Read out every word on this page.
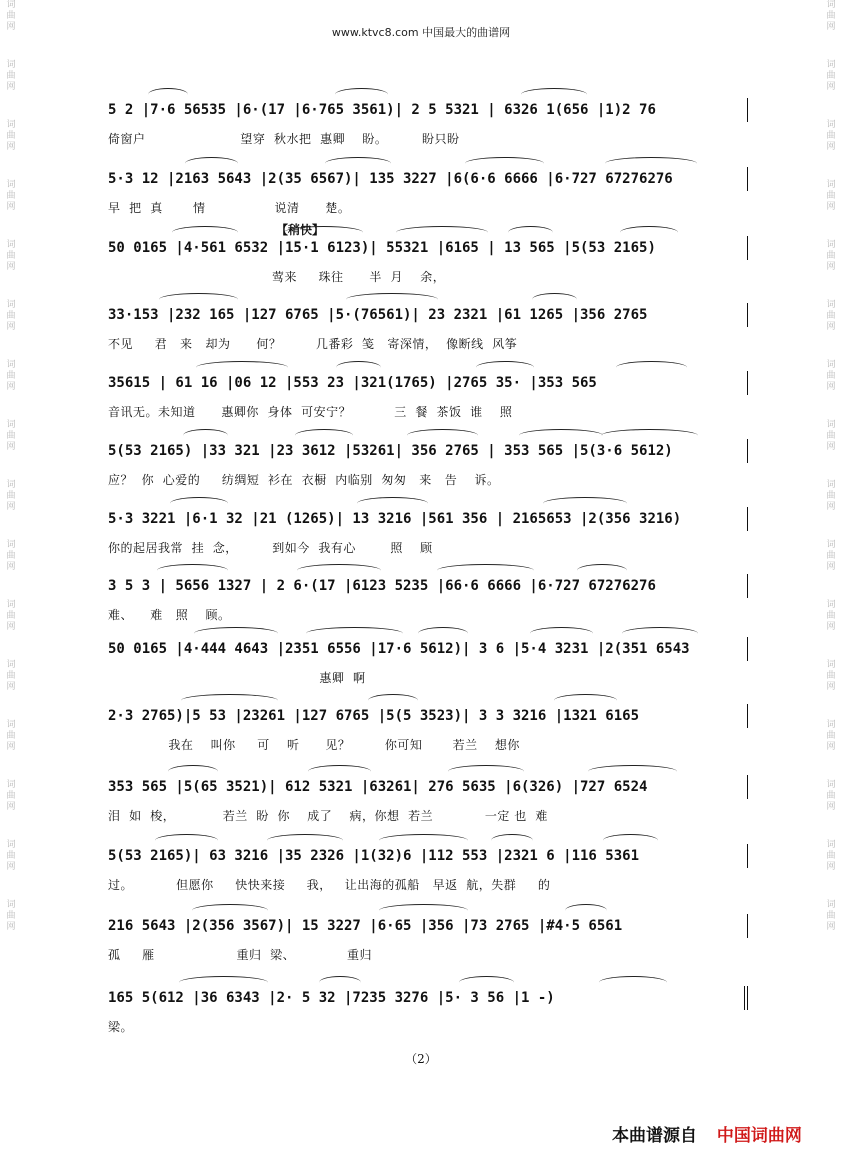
词
曲
网
词
曲
网
词
曲
网
词
曲
网
词
曲
网
词
曲
网
词
曲
网
词
曲
网
词
曲
网
词
曲
网
词
曲
网
词
曲
网
词
曲
网
词
曲
网
词
曲
网
词
曲
网
词
曲
网
词
曲
网
词
曲
网
词
曲
网
词
曲
网
词
曲
网
词
曲
网
词
曲
网
词
曲
网
词
曲
网
词
曲
网
词
曲
网
词
曲
网
词
曲
网
词
曲
网
词
曲
网
www.ktvc8.com 中国最大的曲谱网
【稍快】
5 2 |7·6 56535 |6·(17 |6·765 3561)| 2 5 5321 | 6326 1(656 |1)2 76
倚窗户                      望穿  秋水把  惠卿    盼。        盼只盼
5·3 12 |2163 5643 |2(35 6567)| 135 3227 |6(6·6 6666 |6·727 67276276
早  把  真       情                说清      楚。
50 0165 |4·561 6532 |15·1 6123)| 55321 |6165 | 13 565 |5(53 2165)
莺来     珠往      半  月    余，
33·153 |232 165 |127 6765 |5·(76561)| 23 2321 |61 1265 |356 2765
不见     君   来   却为      何？        几番彩  笺   寄深情，  像断线  风筝
35615 | 61 16 |06 12 |553 23 |321(1765) |2765 35· |353 565
音讯无。未知道      惠卿你  身体  可安宁？          三  餐  茶饭  谁    照
5(53 2165) |33 321 |23 3612 |53261| 356 2765 | 353 565 |5(3·6 5612)
应？  你  心爱的     纺绸短  衫在  衣橱  内临别  匆匆   来   告    诉。
5·3 3221 |6·1 32 |21 (1265)| 13 3216 |561 356 | 2165653 |2(356 3216)
你的起居我常  挂  念，        到如今  我有心        照    顾
3 5 3 | 5656 1327 | 2 6·(17 |6123 5235 |66·6 6666 |6·727 67276276
难、    难   照    顾。
50 0165 |4·444 4643 |2351 6556 |17·6 5612)| 3 6 |5·4 3231 |2(351 6543
惠卿  啊
2·3 2765)|5 53 |23261 |127 6765 |5(5 3523)| 3 3 3216 |1321 6165
我在    叫你     可    听      见？        你可知       若兰    想你
353 565 |5(65 3521)| 612 5321 |63261| 276 5635 |6(326) |727 6524
泪  如  梭，           若兰  盼  你    成了    病，你想  若兰            一定 也  难
5(53 2165)| 63 3216 |35 2326 |1(32)6 |112 553 |2321 6 |116 5361
过。          但愿你     快快来接     我，   让出海的孤船   早返  航，失群     的
216 5643 |2(356 3567)| 15 3227 |6·65 |356 |73 2765 |#4·5 6561
孤     雁                   重归  梁、            重归
165 5(612 |36 6343 |2· 5 32 |7235 3276 |5· 3 56 |1 -)
梁。
（2）
本曲谱源自 中国词曲网
